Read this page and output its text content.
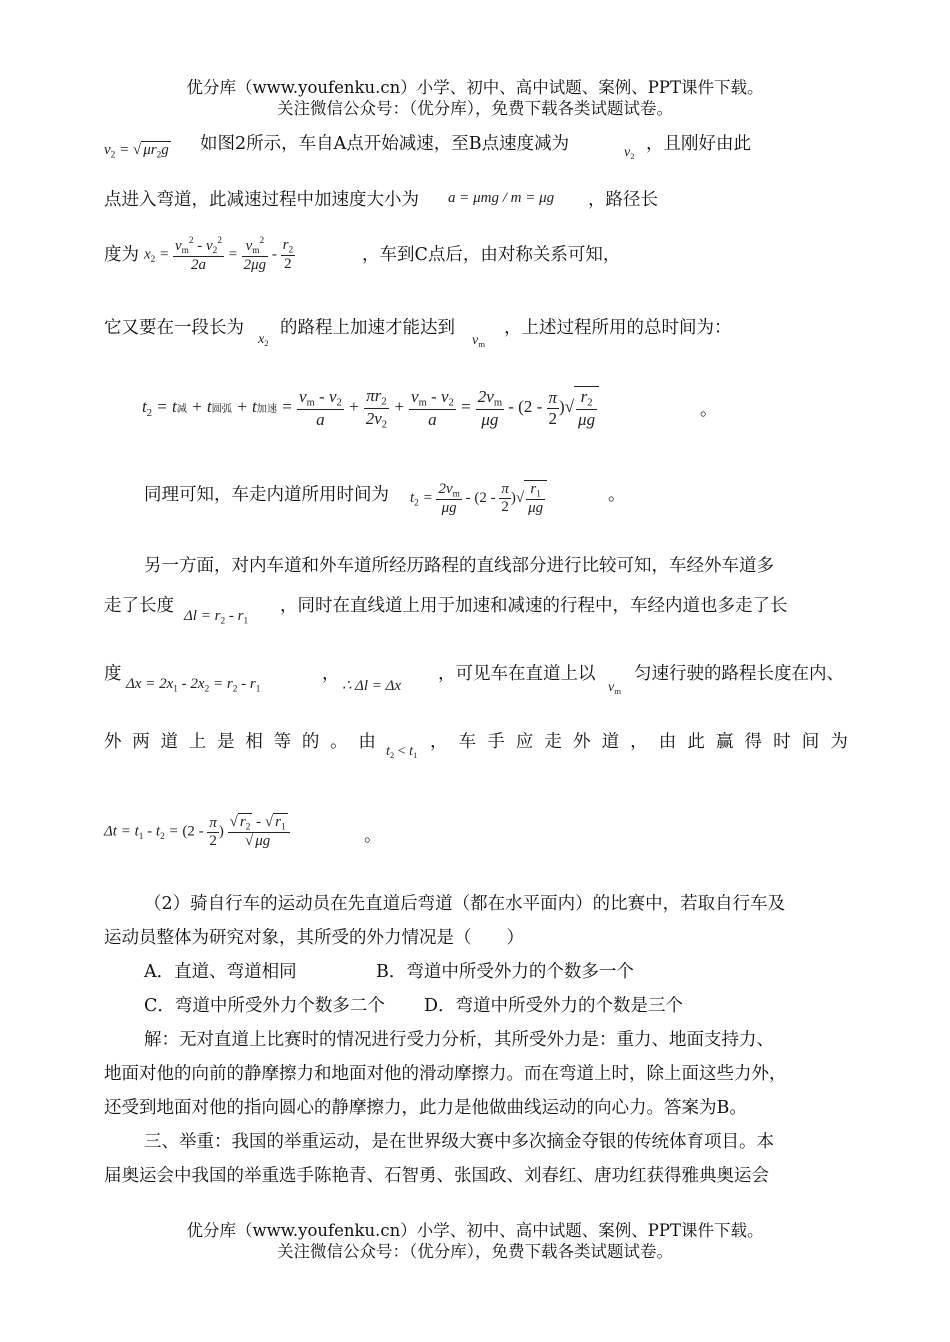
优分库（www.youfenku.cn）小学、初中、高中试题、案例、PPT课件下载。
关注微信公众号：（优分库），免费下载各类试题试卷。
$v_2$ = √ $\mu r_2g$ 如图2所示，车自A点开始减速，至B点速度减为	$v_2$
，且刚好由此
点进入弯道，此减速过程中加速度大小为 a = μmg / m = μg ，路径长
度为 $x_2 = \frac{v_m^2 - v_2^2}{2a} = \frac{v_m^2}{2\mu g} - \frac{r_2}{2}$	，车到C点后，由对称关系可知，
它又要在一段长为
$x_2$
的路程上加速才能达到
$v_m$
，上述过程所用的总时间为：
$t_2 = t$减 + t圆弧 + t加速 = $\frac{v_m - v_2}{a} + \frac{\pi r_2}{2v_2} + \frac{v_m - v_2}{a} = \frac{2v_m}{\mu g} - (2 - \frac{\pi}{2}$ )√ $\frac{r_2}{\mu g}$	。
同理可知，车走内道所用时间为 $t_2 = \frac{2v_m}{\mu g} - (2 - \frac{\pi}{2}$ )√ $\frac{r_1}{\mu g}$	。
另一方面，对内车道和外车道所经历路程的直线部分进行比较可知，车经外车道多
走了长度 $\Delta l = r_2 - r_1$
，同时在直线道上用于加速和减速的行程中，车经内道也多走了长
度 $\Delta x = 2x_1 - 2x_2 = r_2 - r_1$
，
∴ Δl = Δx
，可见车在直道上以
$v_m$
匀速行驶的路程长度在内、
外 两 道 上 是 相 等 的 。 由 $t_2 < t_1$
， 车 手 应 走 外 道 ， 由 此 赢 得 时 间 为
$\Delta t = t_1 - t_2 = (2 - \frac{\pi}{2}$ ) $\frac{√ r_2 - √ r_1}{√ \mu g}$	。
（2）骑自行车的运动员在先直道后弯道（都在水平面内）的比赛中，若取自行车及
运动员整体为研究对象，其所受的外力情况是（　　）
A．直道、弯道相同	B．弯道中所受外力的个数多一个
C．弯道中所受外力个数多二个 D．弯道中所受外力的个数是三个
解：无对直道上比赛时的情况进行受力分析，其所受外力是：重力、地面支持力、
地面对他的向前的静摩擦力和地面对他的滑动摩擦力。而在弯道上时，除上面这些力外，
还受到地面对他的指向圆心的静摩擦力，此力是他做曲线运动的向心力。答案为B。
三、举重：我国的举重运动，是在世界级大赛中多次摘金夺银的传统体育项目。本
届奥运会中我国的举重选手陈艳青、石智勇、张国政、刘春红、唐功红获得雅典奥运会
优分库（www.youfenku.cn）小学、初中、高中试题、案例、PPT课件下载。
关注微信公众号：（优分库），免费下载各类试题试卷。
